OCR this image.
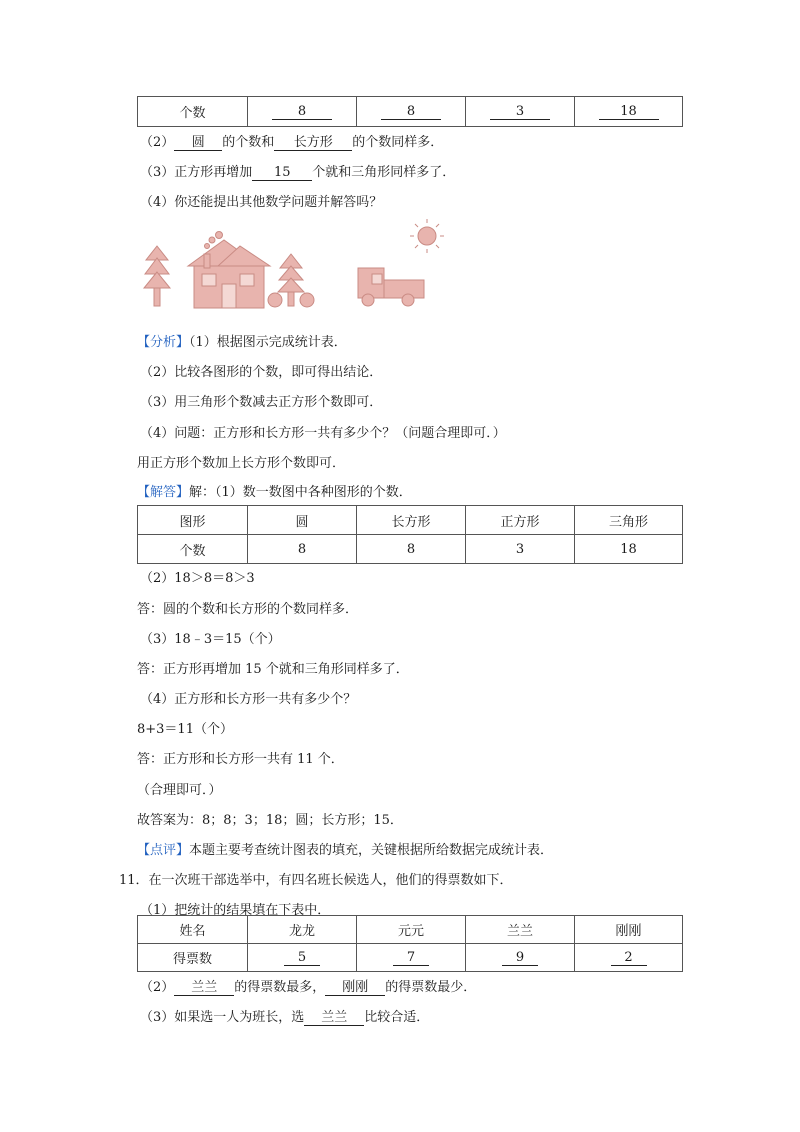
个数	8	8	3	18
（2） 圆 的个数和 长方形 的个数同样多．
（3）正方形再增加 15 个就和三角形同样多了．
（4）你还能提出其他数学问题并解答吗？
【分析】（1）根据图示完成统计表．
（2）比较各图形的个数，即可得出结论．
（3）用三角形个数减去正方形个数即可．
（4）问题：正方形和长方形一共有多少个？（问题合理即可．）
用正方形个数加上长方形个数即可．
【解答】解：（1）数一数图中各种图形的个数．
图形	圆	长方形	正方形	三角形
个数	8	8	3	18
（2）18＞8＝8＞3
答：圆的个数和长方形的个数同样多．
（3）18﹣3＝15（个）
答：正方形再增加 15 个就和三角形同样多了．
（4）正方形和长方形一共有多少个？
8+3＝11（个）
答：正方形和长方形一共有 11 个．
（合理即可．）
故答案为：8；8；3；18；圆；长方形；15．
【点评】本题主要考查统计图表的填充，关键根据所给数据完成统计表．
11．在一次班干部选举中，有四名班长候选人，他们的得票数如下．
（1）把统计的结果填在下表中．
姓名	龙龙	元元	兰兰	刚刚
得票数	5	7	9	2
（2） 兰兰 的得票数最多， 刚刚 的得票数最少．
（3）如果选一人为班长，选 兰兰 比较合适．
